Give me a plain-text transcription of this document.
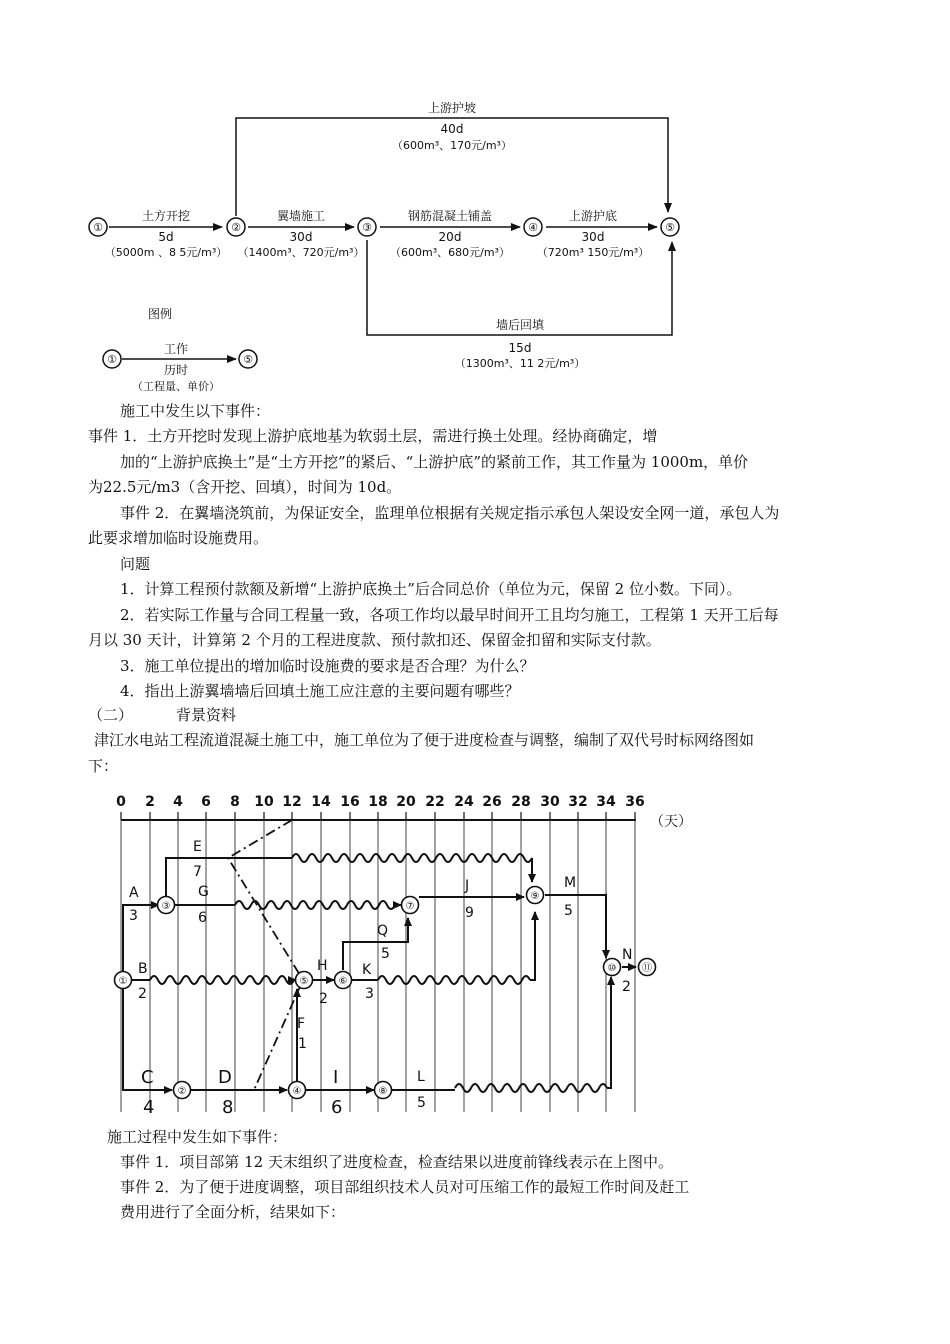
①	②	③	④	⑤
①	⑤
上游护坡
40d
（600m³、170元/m³）
土方开挖
5d
（5000m 、8 5元/m³）
翼墙施工
30d
（1400m³、720元/m³）
钢筋混凝土铺盖
20d
（600m³、680元/m³）
上游护底
30d
（720m³ 150元/m³）
墙后回填
15d
（1300m³、11 2元/m³）
图例
工作
历时
（工程量、单价）
施工中发生以下事件：
事件 1．土方开挖时发现上游护底地基为软弱土层，需进行换土处理。经协商确定，增
加的“上游护底换土”是“土方开挖”的紧后、“上游护底”的紧前工作，其工作量为 1000m，单价
为22.5元/m3（含开挖、回填），时间为 10d。
事件 2．在翼墙浇筑前，为保证安全，监理单位根据有关规定指示承包人架设安全网一道，承包人为
此要求增加临时设施费用。
问题
1．计算工程预付款额及新增“上游护底换土”后合同总价（单位为元，保留 2 位小数。下同）。
2．若实际工作量与合同工程量一致，各项工作均以最早时间开工且均匀施工，工程第 1 天开工后每
月以 30 天计，计算第 2 个月的工程进度款、预付款扣还、保留金扣留和实际支付款。
3．施工单位提出的增加临时设施费的要求是否合理？为什么？
4．指出上游翼墙墙后回填土施工应注意的主要问题有哪些？
（二）	背景资料
津江水电站工程流道混凝土施工中，施工单位为了便于进度检查与调整，编制了双代号时标网络图如
下：
0 2 4 6 8 10 12 14 16 18 20 22 24 26 28 30 32 34 36
（天）
①
②
③
④
⑤	⑥
⑦
⑧
⑨
⑩	⑪
A
3
E
7
G
6
J
9
M
5
N
2
B
2
H
2
K
3
Q
5
F
1
L
5
C
4
D
8
I
6
施工过程中发生如下事件：
事件 1．项目部第 12 天末组织了进度检查，检查结果以进度前锋线表示在上图中。
事件 2．为了便于进度调整，项目部组织技术人员对可压缩工作的最短工作时间及赶工
费用进行了全面分析，结果如下：
